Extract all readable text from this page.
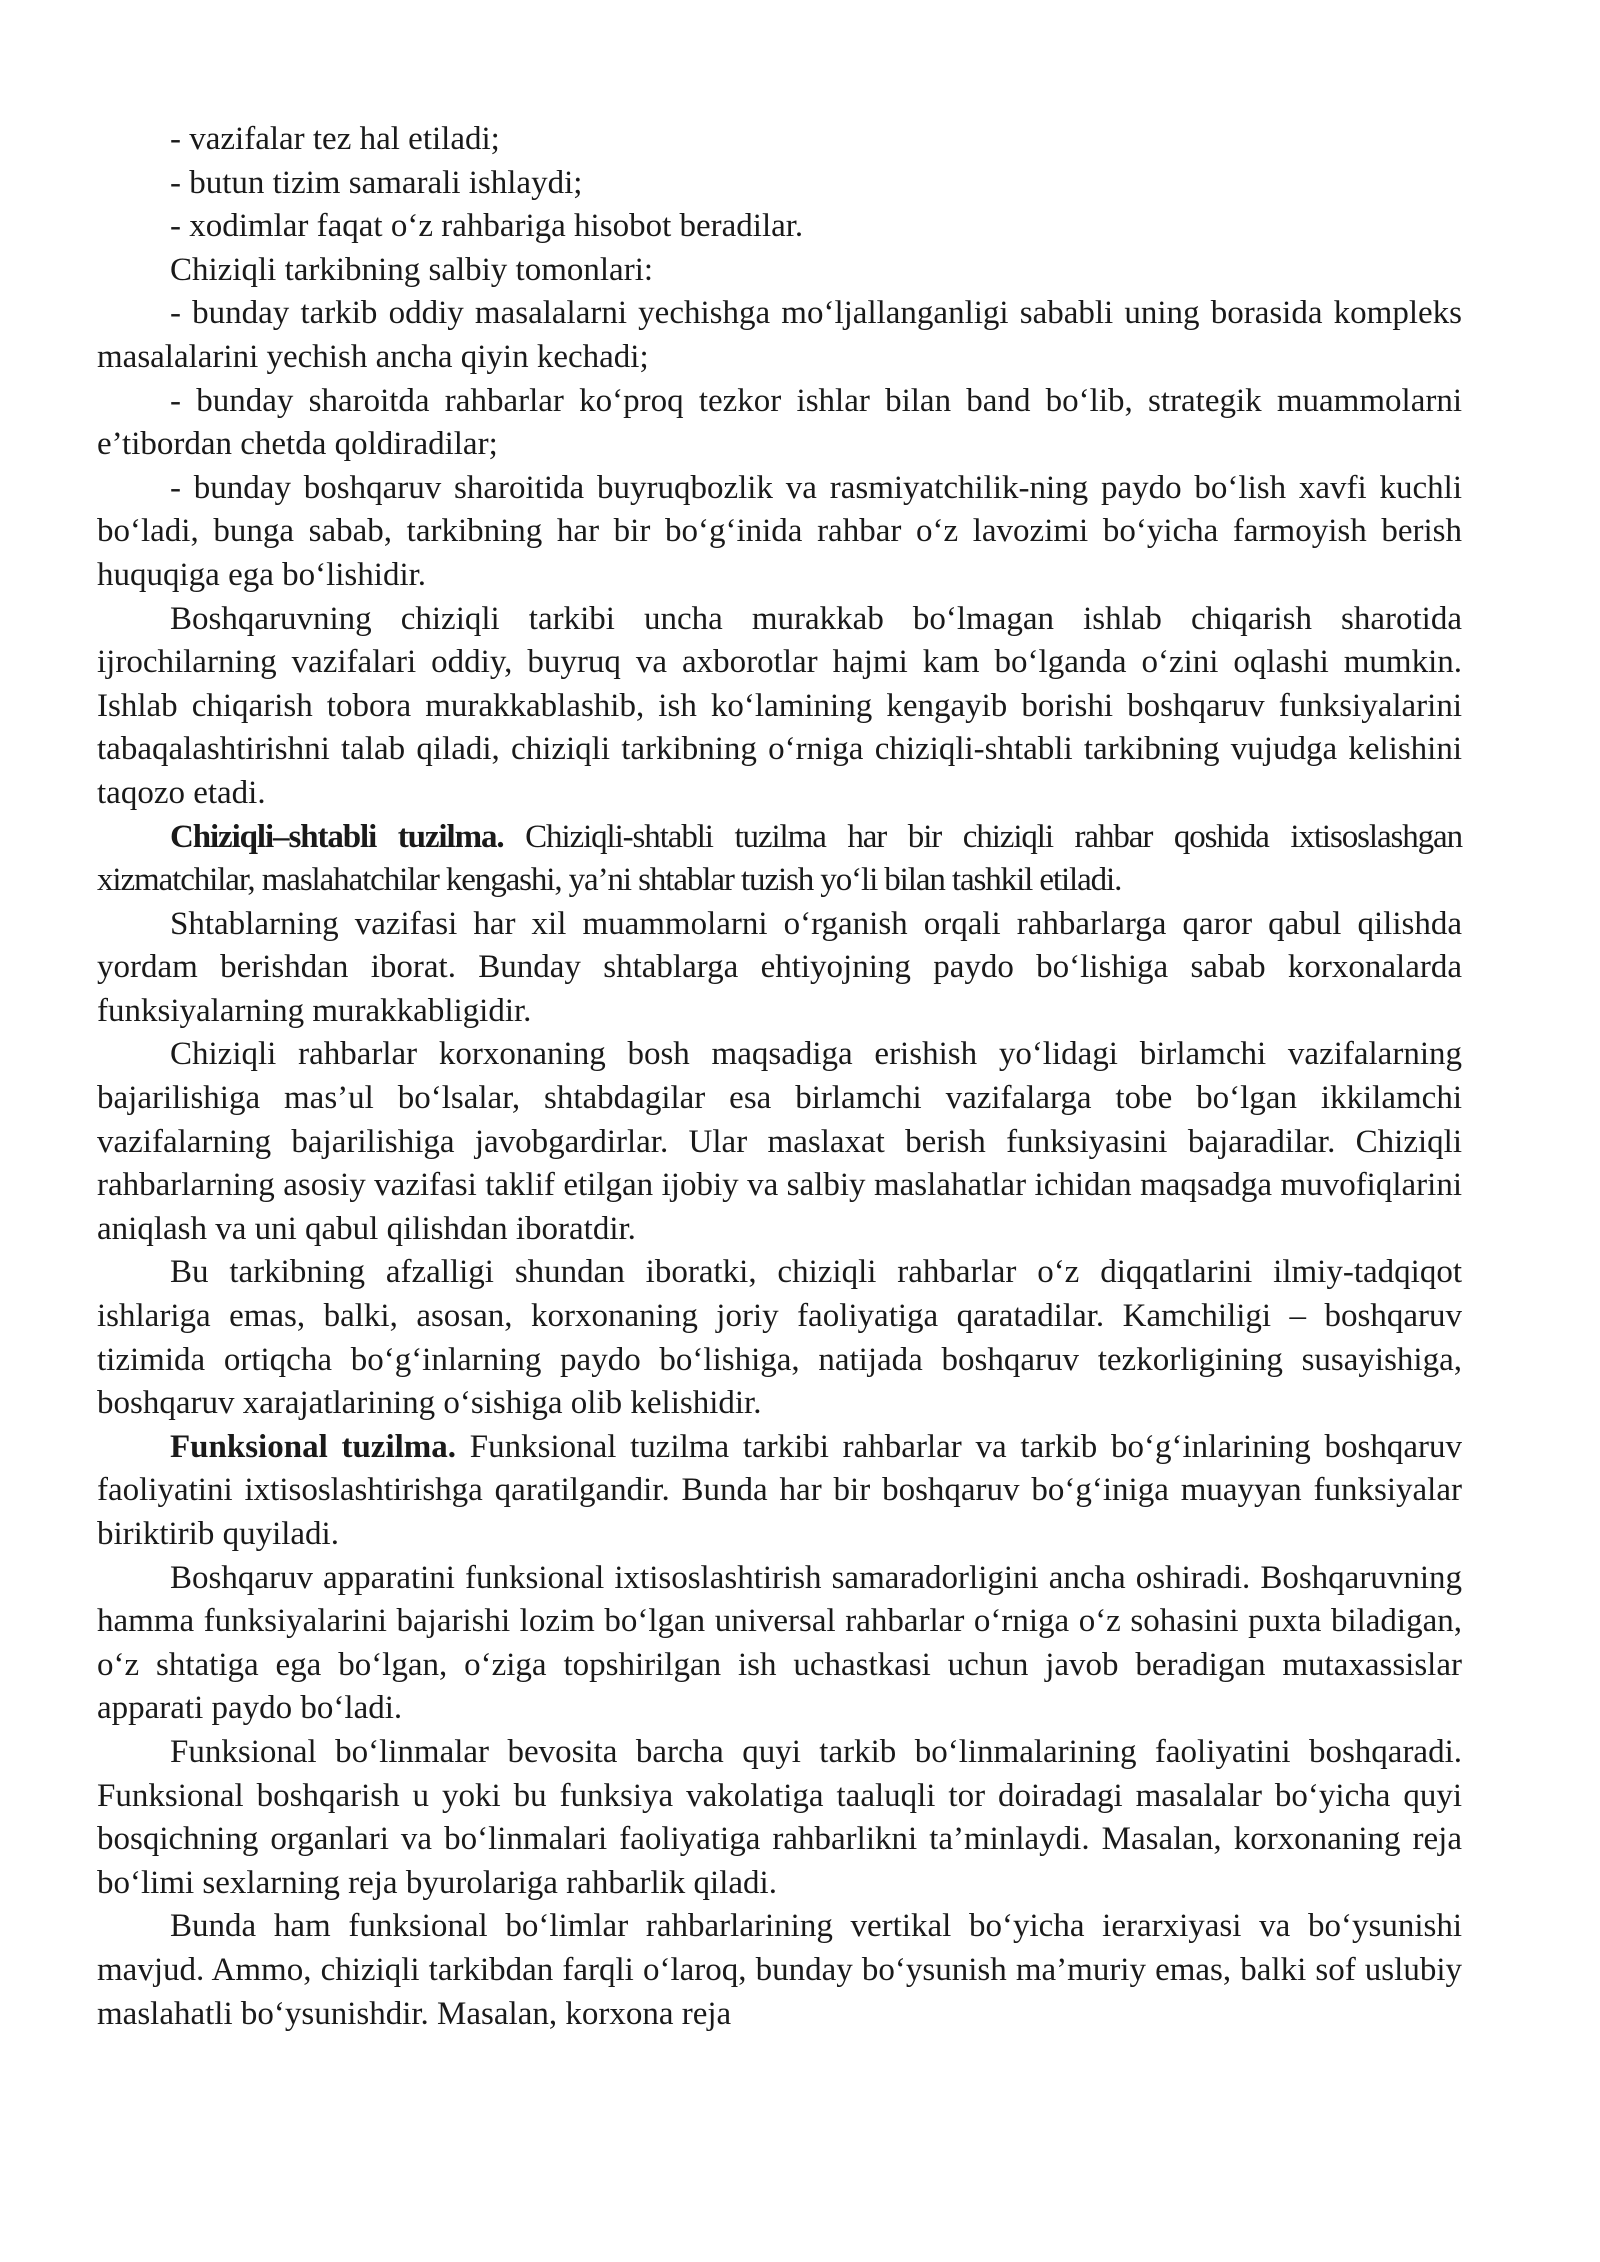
- vazifalar tez hal etiladi;

- butun tizim samarali ishlaydi;

- xodimlar faqat o‘z rahbariga hisobot beradilar.

Chiziqli tarkibning salbiy tomonlari:

- bunday tarkib oddiy masalalarni yechishga mo‘ljallanganligi sababli uning borasida kompleks masalalarini yechish ancha qiyin kechadi;

- bunday sharoitda rahbarlar ko‘proq tezkor ishlar bilan band bo‘lib, strategik muammolarni e’tibordan chetda qoldiradilar;

- bunday boshqaruv sharoitida buyruqbozlik va rasmiyatchilik-ning paydo bo‘lish xavfi kuchli bo‘ladi, bunga sabab, tarkibning har bir bo‘g‘inida rahbar o‘z lavozimi bo‘yicha farmoyish berish huquqiga ega bo‘lishidir.

Boshqaruvning chiziqli tarkibi uncha murakkab bo‘lmagan ishlab chiqarish sharotida ijrochilarning vazifalari oddiy, buyruq va axborotlar hajmi kam bo‘lganda o‘zini oqlashi mumkin. Ishlab chiqarish tobora murakkablashib, ish ko‘lamining kengayib borishi boshqaruv funksiyalarini tabaqalashtirishni talab qiladi, chiziqli tarkibning o‘rniga chiziqli-shtabli tarkibning vujudga kelishini taqozo etadi.

Chiziqli–shtabli tuzilma. Chiziqli-shtabli tuzilma har bir chiziqli rahbar qoshida ixtisoslashgan xizmatchilar, maslahatchilar kengashi, ya’ni shtablar tuzish yo‘li bilan tashkil etiladi.

Shtablarning vazifasi har xil muammolarni o‘rganish orqali rahbarlarga qaror qabul qilishda yordam berishdan iborat. Bunday shtablarga ehtiyojning paydo bo‘lishiga sabab korxonalarda funksiyalarning murakkabligidir.

Chiziqli rahbarlar korxonaning bosh maqsadiga erishish yo‘lidagi birlamchi vazifalarning bajarilishiga mas’ul bo‘lsalar, shtabdagilar esa birlamchi vazifalarga tobe bo‘lgan ikkilamchi vazifalarning bajarilishiga javobgardirlar. Ular maslaxat berish funksiyasini bajaradilar. Chiziqli rahbarlarning asosiy vazifasi taklif etilgan ijobiy va salbiy maslahatlar ichidan maqsadga muvofiqlarini aniqlash va uni qabul qilishdan iboratdir.

Bu tarkibning afzalligi shundan iboratki, chiziqli rahbarlar o‘z diqqatlarini ilmiy-tadqiqot ishlariga emas, balki, asosan, korxonaning joriy faoliyatiga qaratadilar. Kamchiligi – boshqaruv tizimida ortiqcha bo‘g‘inlarning paydo bo‘lishiga, natijada boshqaruv tezkorligining susayishiga, boshqaruv xarajatlarining o‘sishiga olib kelishidir.

Funksional tuzilma. Funksional tuzilma tarkibi rahbarlar va tarkib bo‘g‘inlarining boshqaruv faoliyatini ixtisoslashtirishga qaratilgandir. Bunda har bir boshqaruv bo‘g‘iniga muayyan funksiyalar biriktirib quyiladi.

Boshqaruv apparatini funksional ixtisoslashtirish samaradorligini ancha oshiradi. Boshqaruvning hamma funksiyalarini bajarishi lozim bo‘lgan universal rahbarlar o‘rniga o‘z sohasini puxta biladigan, o‘z shtatiga ega bo‘lgan, o‘ziga topshirilgan ish uchastkasi uchun javob beradigan mutaxassislar apparati paydo bo‘ladi.

Funksional bo‘linmalar bevosita barcha quyi tarkib bo‘linmalarining faoliyatini boshqaradi. Funksional boshqarish u yoki bu funksiya vakolatiga taaluqli tor doiradagi masalalar bo‘yicha quyi bosqichning organlari va bo‘linmalari faoliyatiga rahbarlikni ta’minlaydi. Masalan, korxonaning reja bo‘limi sexlarning reja byurolariga rahbarlik qiladi.

Bunda ham funksional bo‘limlar rahbarlarining vertikal bo‘yicha ierarxiyasi va bo‘ysunishi mavjud. Ammo, chiziqli tarkibdan farqli o‘laroq, bunday bo‘ysunish ma’muriy emas, balki sof uslubiy maslahatli bo‘ysunishdir. Masalan, korxona reja
